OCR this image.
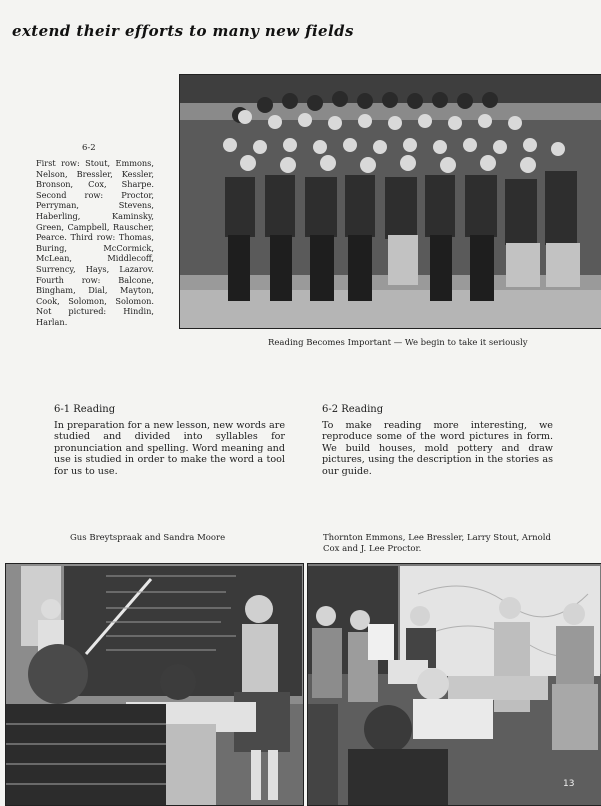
extend their efforts to many new fields
6-2
First row: Stout, Emmons, Nelson, Bressler, Kessler, Bronson, Cox, Sharpe. Second row: Proctor, Perryman, Stevens, Haberling, Kaminsky, Green, Campbell, Rauscher, Pearce. Third row: Thomas, Buring, McCormick, McLean, Middlecoff, Surrency, Hays, Lazarov. Fourth row: Balcone, Bingham, Dial, Mayton, Cook, Solomon, Solomon. Not pictured: Hindin, Harlan.
Reading Becomes Important — We begin to take it seriously
6-1 Reading
In preparation for a new lesson, new words are studied and divided into syllables for pronunciation and spelling. Word meaning and use is studied in order to make the word a tool for us to use.
6-2 Reading
To make reading more interesting, we reproduce some of the word pictures in form. We build houses, mold pottery and draw pictures, using the description in the stories as our guide.
Gus Breytspraak and Sandra Moore	Thornton Emmons, Lee Bressler, Larry Stout, Arnold Cox and J. Lee Proctor.
13
